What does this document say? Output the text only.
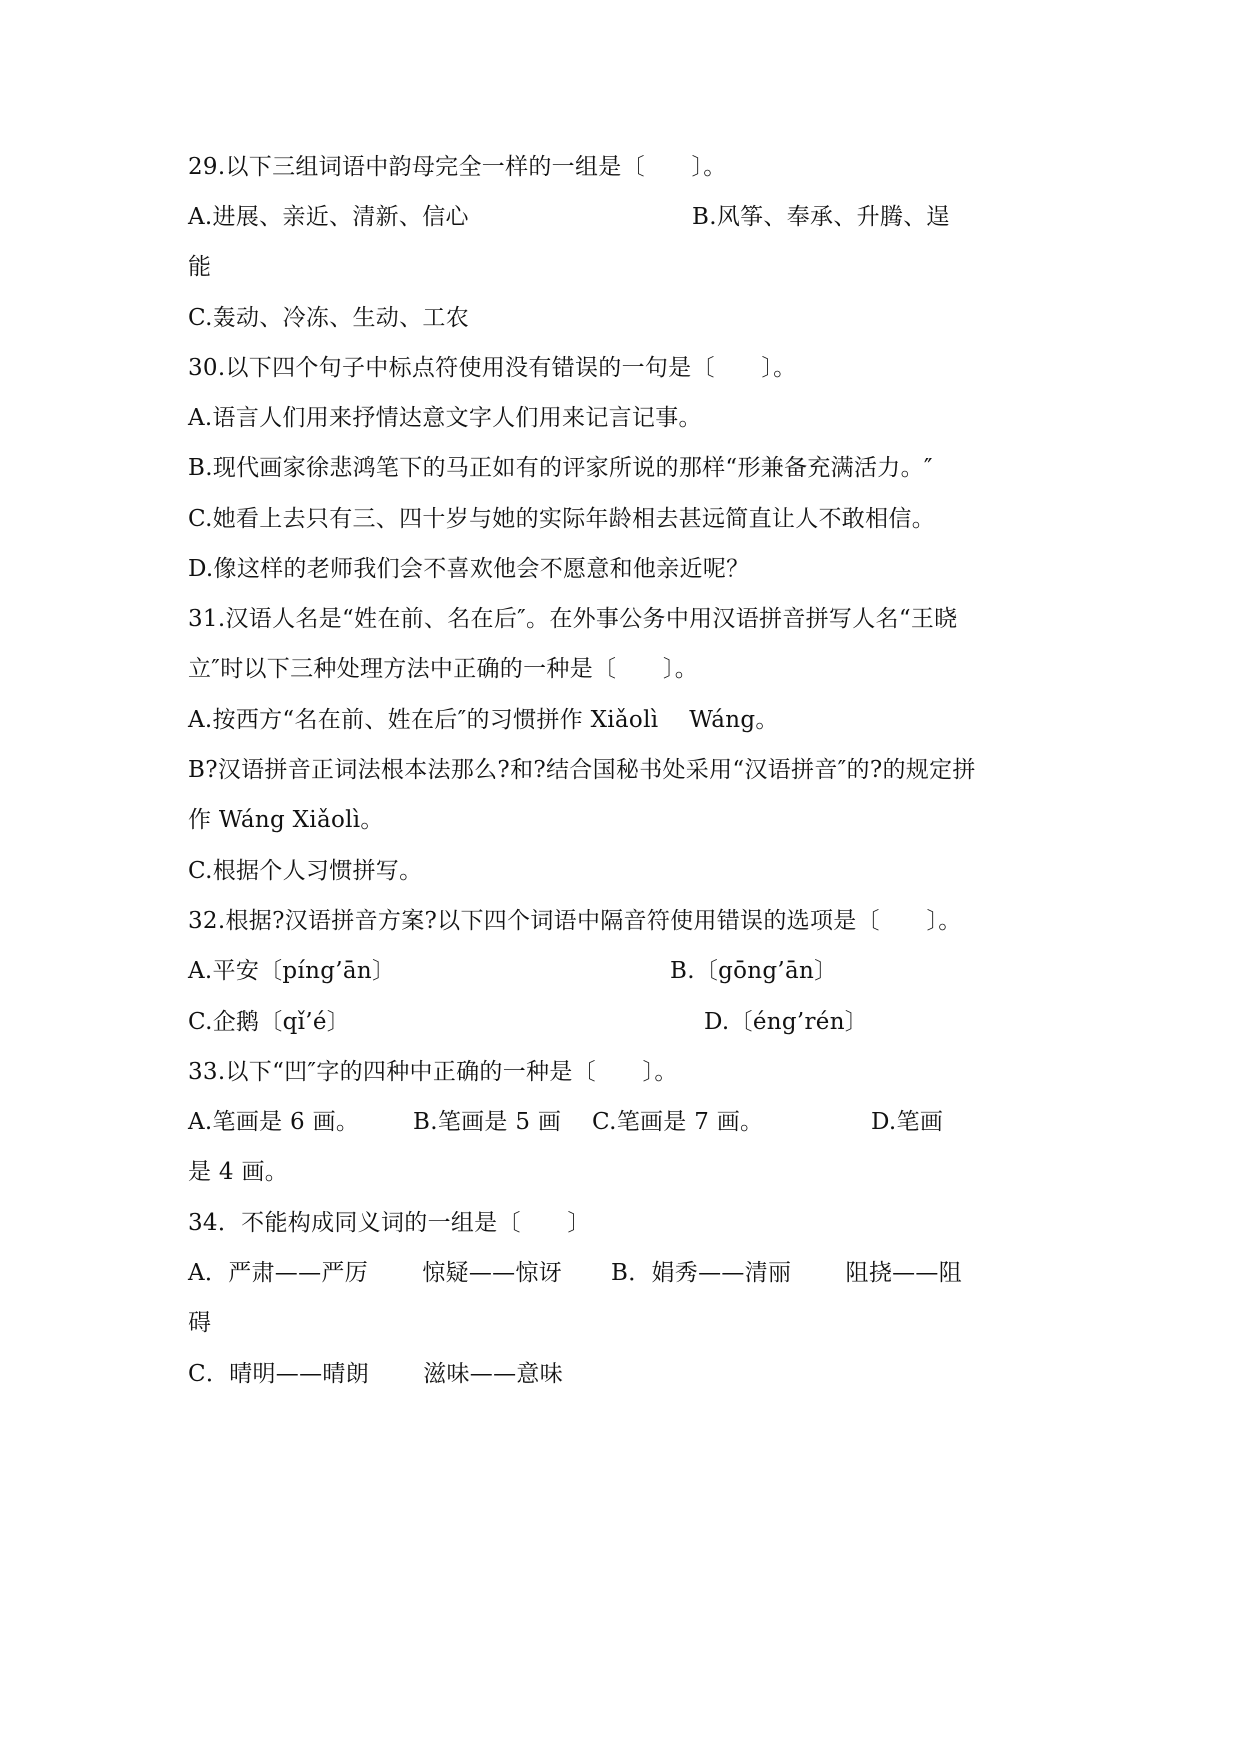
29.以下三组词语中韵母完全一样的一组是〔　　〕。
A.进展、亲近、清新、信心	B.风筝、奉承、升腾、逞
能
C.轰动、冷冻、生动、工农
30.以下四个句子中标点符使用没有错误的一句是〔　　〕。
A.语言人们用来抒情达意文字人们用来记言记事。
B.现代画家徐悲鸿笔下的马正如有的评家所说的那样“形兼备充满活力。″
C.她看上去只有三、四十岁与她的实际年龄相去甚远简直让人不敢相信。
D.像这样的老师我们会不喜欢他会不愿意和他亲近呢？
31.汉语人名是“姓在前、名在后″。在外事公务中用汉语拼音拼写人名“王晓
立″时以下三种处理方法中正确的一种是〔　　〕。
A.按西方“名在前、姓在后″的习惯拼作 Xiǎolì　 Wáng。
B?汉语拼音正词法根本法那么?和?结合国秘书处采用“汉语拼音″的?的规定拼
作 Wáng Xiǎolì。
C.根据个人习惯拼写。
32.根据?汉语拼音方案?以下四个词语中隔音符使用错误的选项是〔　　〕。
A.平安〔píng’ān〕	B.〔gōng’ān〕
C.企鹅〔qǐ’é〕	D.〔éng’rén〕
33.以下“凹″字的四种中正确的一种是〔　　〕。
A.笔画是 6 画。 B.笔画是 5 画 C.笔画是 7 画。	D.笔画
是 4 画。
34．不能构成同义词的一组是〔　　〕
A．严肃——严厉　　 惊疑——惊讶 B．娟秀——清丽　　 阻挠——阻
碍
C．晴明——晴朗　　 滋味——意味
